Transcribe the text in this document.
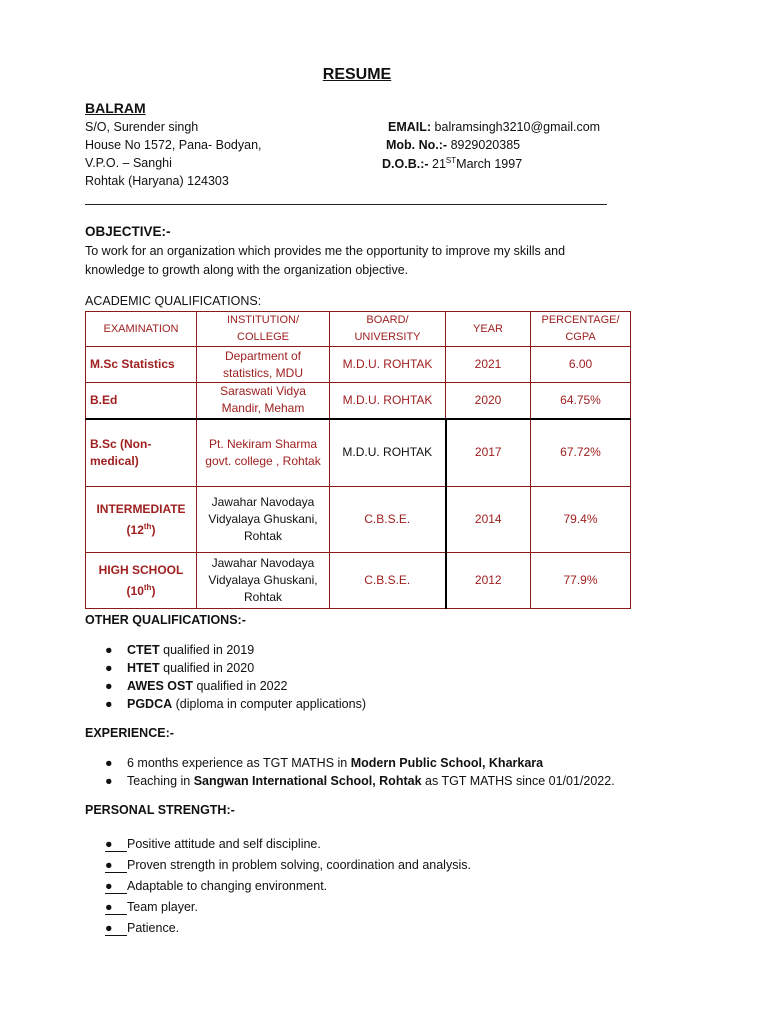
RESUME
BALRAM
S/O, Surender singh
House No 1572, Pana- Bodyan,
V.P.O. – Sanghi
Rohtak (Haryana) 124303
EMAIL: balramsingh3210@gmail.com
Mob. No.:- 8929020385
D.O.B.:- 21STMarch 1997
OBJECTIVE:-
To work for an organization which provides me the opportunity to improve my skills and knowledge to growth along with the organization objective.
ACADEMIC QUALIFICATIONS:
EXAMINATION	INSTITUTION/ COLLEGE	BOARD/ UNIVERSITY	YEAR	PERCENTAGE/ CGPA
M.Sc Statistics	Department of statistics, MDU	M.D.U. ROHTAK	2021	6.00
B.Ed	Saraswati Vidya Mandir, Meham	M.D.U. ROHTAK	2020	64.75%
B.Sc (Non-medical)	Pt. Nekiram Sharma govt. college , Rohtak	M.D.U. ROHTAK	2017	67.72%
INTERMEDIATE (12th)	Jawahar Navodaya Vidyalaya Ghuskani, Rohtak	C.B.S.E.	2014	79.4%
HIGH SCHOOL (10th)	Jawahar Navodaya Vidyalaya Ghuskani, Rohtak	C.B.S.E.	2012	77.9%
OTHER QUALIFICATIONS:-
● CTET qualified in 2019
● HTET qualified in 2020
● AWES OST qualified in 2022
● PGDCA (diploma in computer applications)
EXPERIENCE:-
● 6 months experience as TGT MATHS in Modern Public School, Kharkara
● Teaching in Sangwan International School, Rohtak as TGT MATHS since 01/01/2022.
PERSONAL STRENGTH:-
● Positive attitude and self discipline.
● Proven strength in problem solving, coordination and analysis.
● Adaptable to changing environment.
● Team player.
● Patience.
